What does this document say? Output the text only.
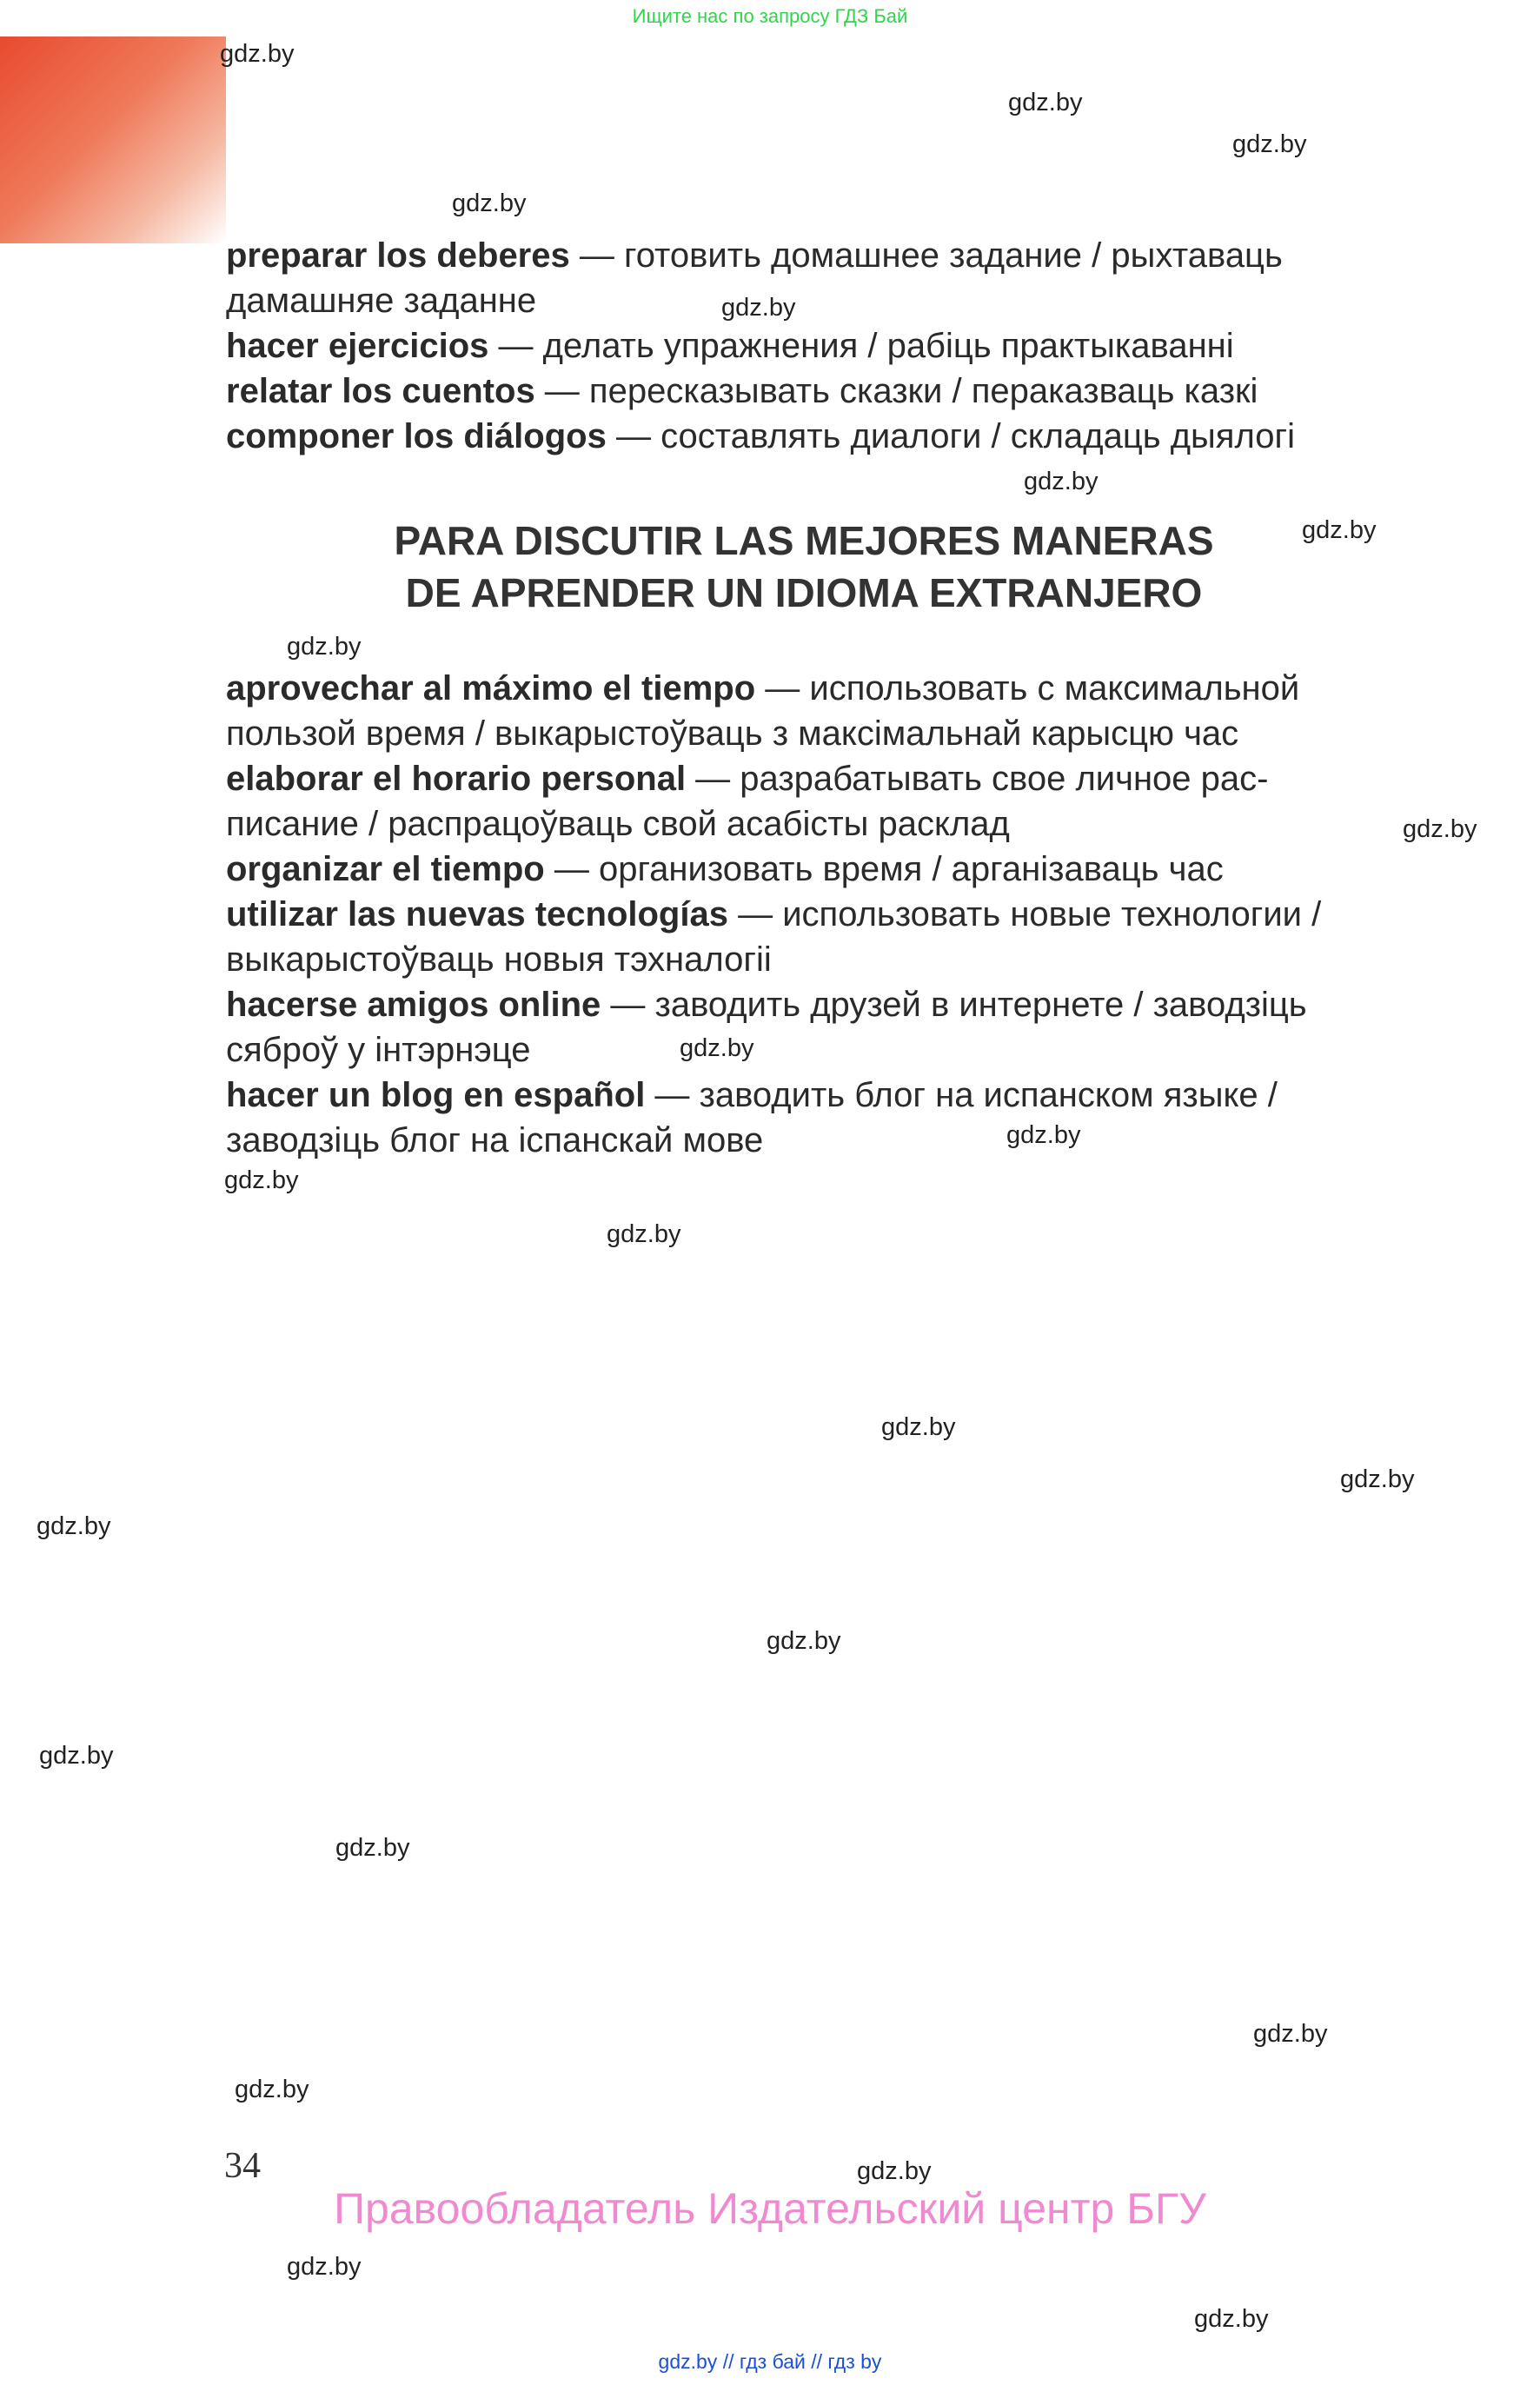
Ищите нас по запросу ГДЗ Бай
preparar los deberes — готовить домашнее задание / рыхтаваць дамашняе заданне
hacer ejercicios — делать упражнения / рабіць практыкаванні
relatar los cuentos — пересказывать сказки / пераказваць казкі
componer los diálogos — составлять диалоги / складаць дыялогі
PARA DISCUTIR LAS MEJORES MANERAS
DE APRENDER UN IDIOMA EXTRANJERO
aprovechar al máximo el tiempo — использовать с максимальной пользой время / выкарыстоўваць з максімальнай карысцю час
elaborar el horario personal — разрабатывать свое личное рас-писание / распрацоўваць свой асабісты расклад
organizar el tiempo — организовать время / арганізаваць час
utilizar las nuevas tecnologías — использовать новые технологии / выкарыстоўваць новыя тэхналогіі
hacerse amigos online — заводить друзей в интернете / заводзіць сяброў у інтэрнэце
hacer un blog en español — заводить блог на испанском языке / заводзіць блог на іспанскай мове
gdz.by
gdz.by
gdz.by
gdz.by
gdz.by
gdz.by
gdz.by
gdz.by
gdz.by
gdz.by
gdz.by
gdz.by
gdz.by
gdz.by
gdz.by
gdz.by
gdz.by
gdz.by
gdz.by
gdz.by
gdz.by
gdz.by
gdz.by
gdz.by
34
Правообладатель Издательский центр БГУ
gdz.by // гдз бай // гдз by
